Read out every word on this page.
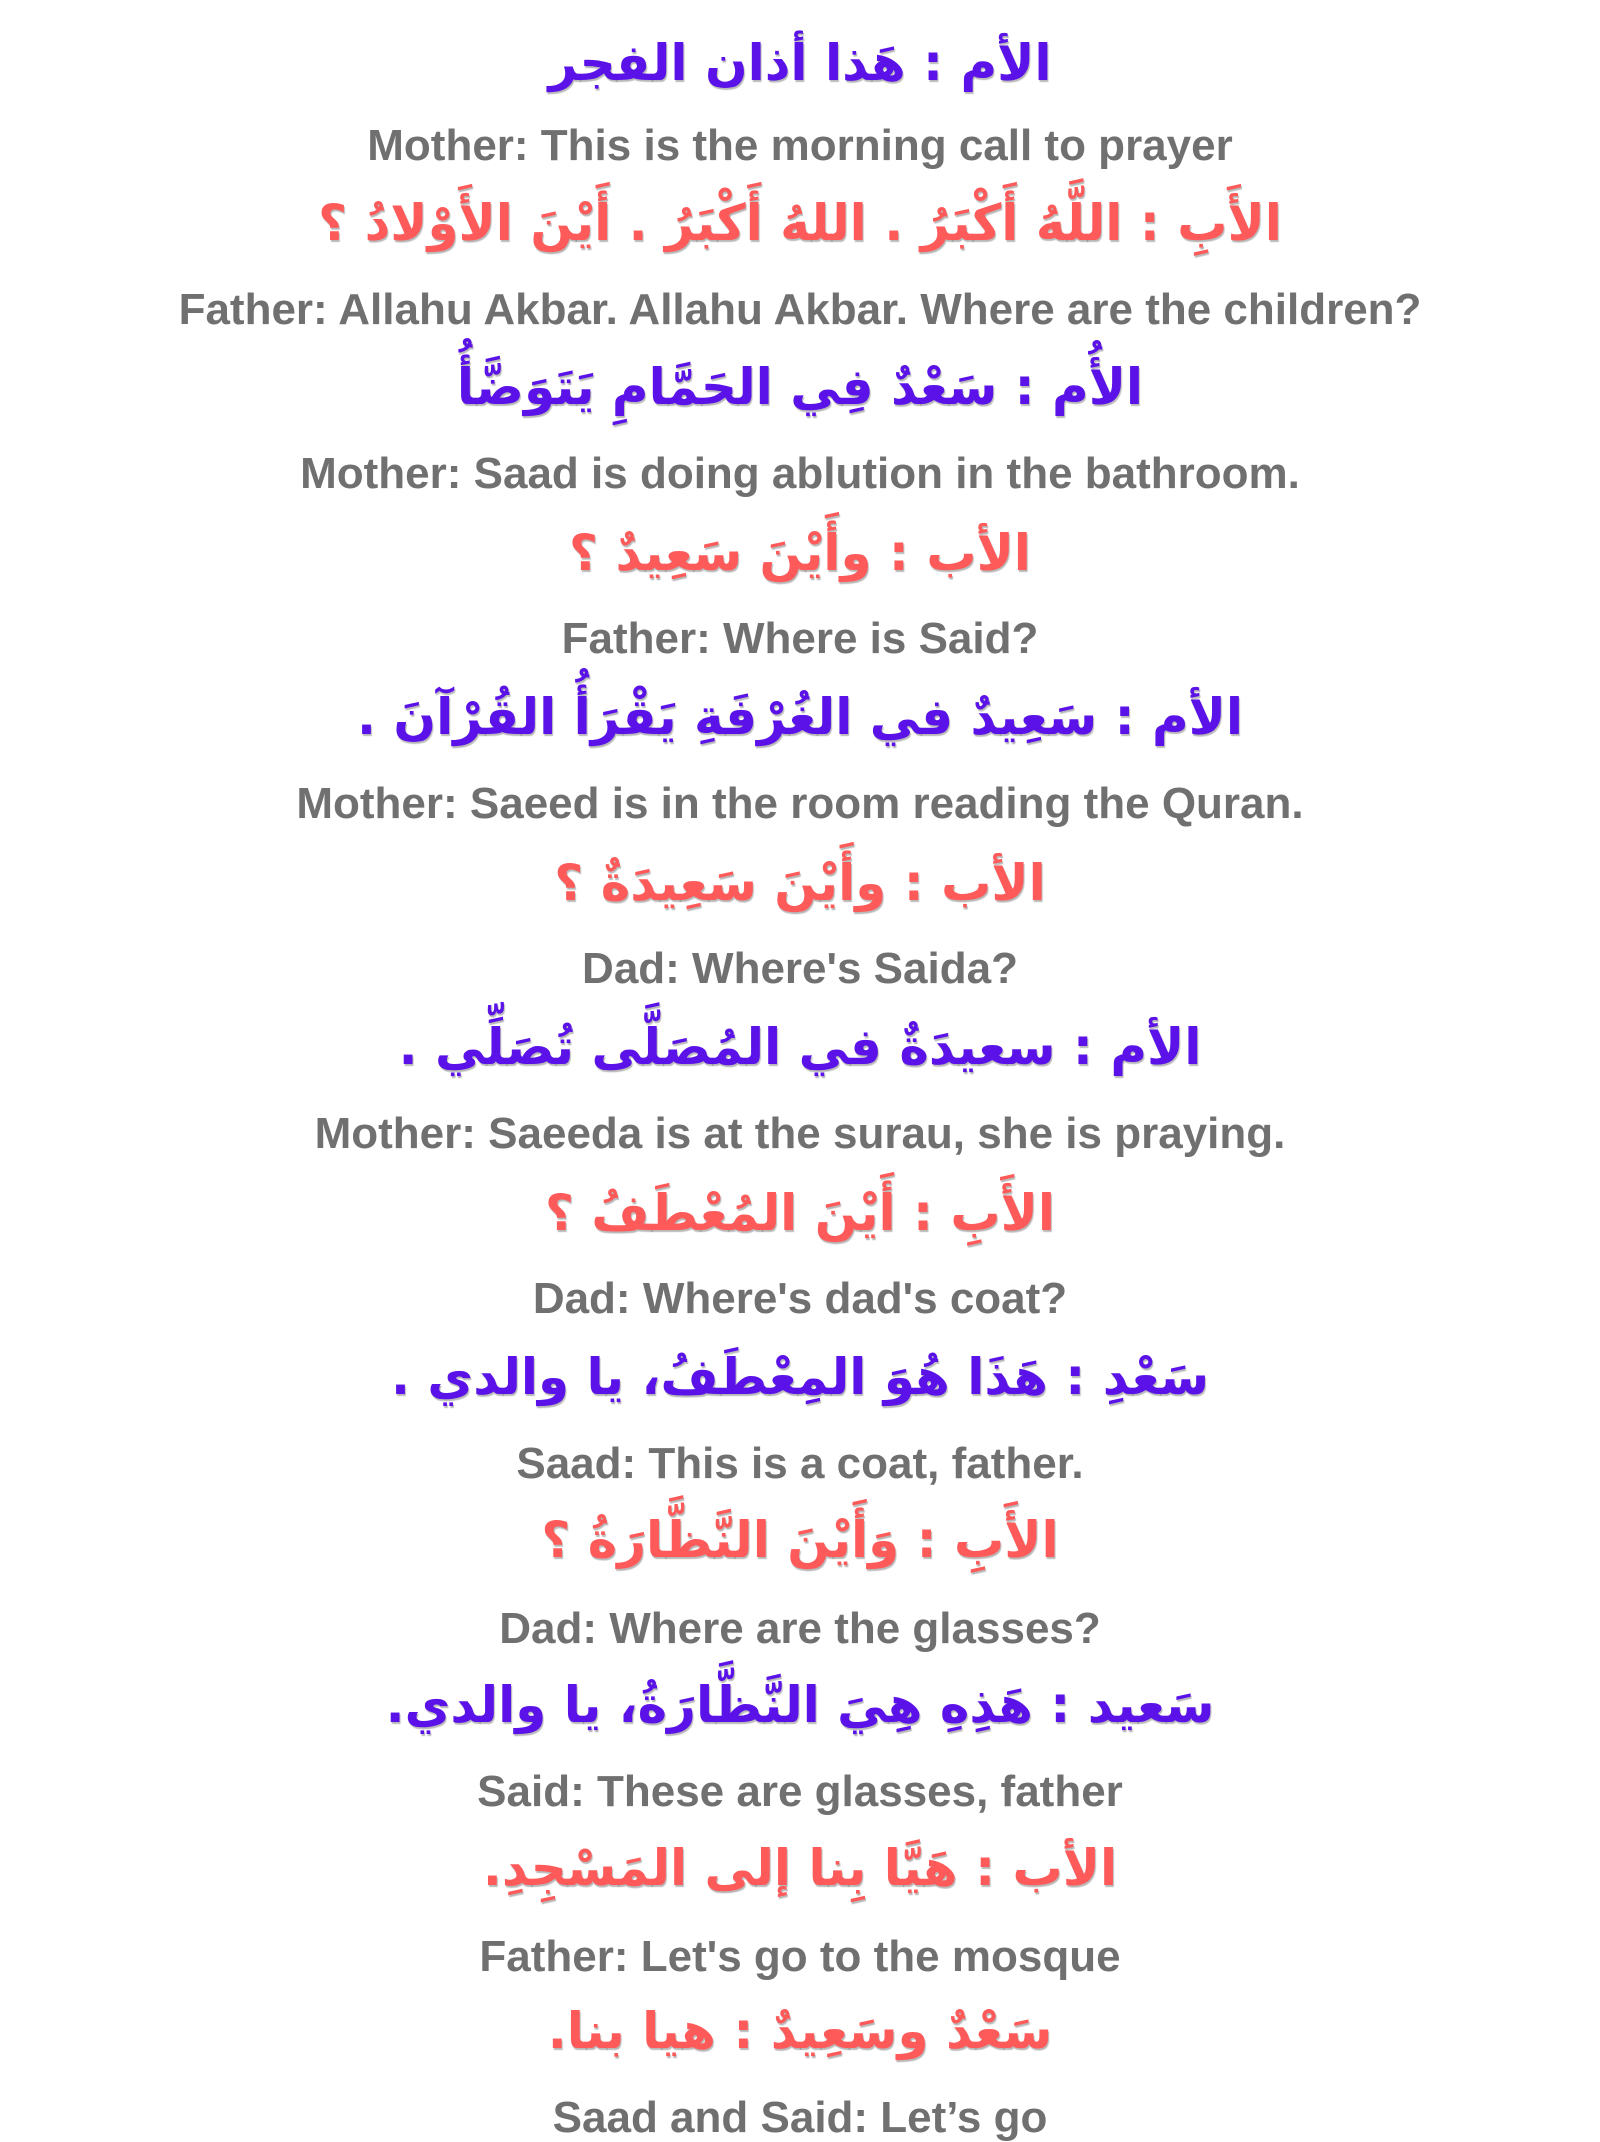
الأم : هَذا أذان الفجر
Mother: This is the morning call to prayer
الأَبِ : اللَّهُ أَكْبَرُ . اللهُ أَكْبَرُ . أَيْنَ الأَوْلادُ ؟
Father: Allahu Akbar. Allahu Akbar. Where are the children?
الأُم : سَعْدٌ فِي الحَمَّامِ يَتَوَضَّأُ
Mother: Saad is doing ablution in the bathroom.
الأب : وأَيْنَ سَعِيدٌ ؟
Father: Where is Said?
الأم : سَعِيدٌ في الغُرْفَةِ يَقْرَأُ القُرْآنَ .
Mother: Saeed is in the room reading the Quran.
الأب : وأَيْنَ سَعِيدَةٌ ؟
Dad: Where's Saida?
الأم : سعيدَةٌ في المُصَلَّى تُصَلِّي .
Mother: Saeeda is at the surau, she is praying.
الأَبِ : أَيْنَ المُعْطَفُ ؟
Dad: Where's dad's coat?
سَعْدِ : هَذَا هُوَ المِعْطَفُ، يا والدي .
Saad: This is a coat, father.
الأَبِ : وَأَيْنَ النَّظَّارَةُ ؟
Dad: Where are the glasses?
سَعيد : هَذِهِ هِيَ النَّظَّارَةُ، يا والدي.
Said: These are glasses, father
الأب : هَيَّا بِنا إلى المَسْجِدِ.
Father: Let's go to the mosque
سَعْدٌ وسَعِيدٌ : هيا بنا.
Saad and Said: Let’s go
